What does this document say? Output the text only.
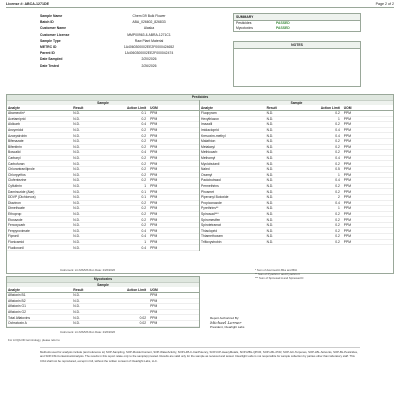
License #: ABCA-1271DE	Page 2 of 2
Sample Name	Chem D9 Bulk Flower
Batch ID	ABA_026602_826833
Customer Name	Alaska
Customer License	MMP00963 & ABRA-1271C1
Sample Type	Raw Plant Material
METRC ID	1A4060300002EE2F0000424652
Parent ID	1A4060300002EE2F000042474
Date Sampled	2/20/2026
Date Tested	2/26/2026
SUMMARY
Pesticides	PASSED
Mycotoxins	PASSED
NOTES
Pesticides
Sample
Analyte	Result	Action Limit	UOM
Abamectin*	N.D.	0.1	PPM
Acetamiprid	N.D.	0.2	PPM
Aldicarb	N.D.	0.4	PPM
Ancymidol	N.D.	0.2	PPM
Azoxystrobin	N.D.	0.2	PPM
Bifenazate	N.D.	0.2	PPM
Bifenthrin	N.D.	0.2	PPM
Boscalid	N.D.	0.4	PPM
Carbaryl	N.D.	0.2	PPM
Carbofuran	N.D.	0.2	PPM
Chlorantraniliprole	N.D.	0.2	PPM
Chlorpyrifos	N.D.	0.2	PPM
Clofentezine	N.D.	0.2	PPM
Cyfluthrin	N.D.	1	PPM
Daminozide (Alar)	N.D.	0.1	PPM
DDVP (Dichlorvos)	N.D.	0.1	PPM
Diazinon	N.D.	0.2	PPM
Dimethoate	N.D.	0.2	PPM
Ethoprop	N.D.	0.2	PPM
Etoxazole	N.D.	0.2	PPM
Fenoxycarb	N.D.	0.2	PPM
Fenpyroximate	N.D.	0.4	PPM
Fipronil	N.D.	0.4	PPM
Flonicamid	N.D.	1	PPM
Fludioxonil	N.D.	0.4	PPM
Sample
Analyte	Result	Action Limit	UOM
Fluopyram	N.D.	0.2	PPM
Hexythiazox	N.D.	1	PPM
Imazalil	N.D.	0.2	PPM
Imidacloprid	N.D.	0.4	PPM
Kresoxim-methyl	N.D.	0.4	PPM
Malathion	N.D.	0.2	PPM
Metalaxyl	N.D.	0.2	PPM
Methiocarb	N.D.	0.2	PPM
Methomyl	N.D.	0.4	PPM
Myclobutanil	N.D.	0.2	PPM
Naled	N.D.	0.5	PPM
Oxamyl	N.D.	1	PPM
Paclobutrazol	N.D.	0.4	PPM
Permethrins	N.D.	0.2	PPM
Phosmet	N.D.	0.2	PPM
Piperonyl Butoxide	N.D.	2	PPM
Propiconazole	N.D.	0.4	PPM
Pyrethrins**	N.D.	1	PPM
Spinosad***	N.D.	0.2	PPM
Spiromesifen	N.D.	0.2	PPM
Spirotetramat	N.D.	0.2	PPM
Thiacloprid	N.D.	0.2	PPM
Thiamethoxam	N.D.	0.2	PPM
Trifloxystrobin	N.D.	0.2	PPM
Instrument: LC-MS/MS Run Date: 2/26/2026	* Sum of Avermectin B1a and B1b
** Sum of Pyrethrin I and Pyrethrin II
*** Sum of Spinosad A and Spinosad D
Mycotoxins
Sample
Analyte	Result	Action Limit	UOM
Aflatoxin B1	N.D.		PPM
Aflatoxin B2	N.D.		PPM
Aflatoxin G1	N.D.		PPM
Aflatoxin G2	N.D.		PPM
Total Aflatoxins	N.D.	0.02	PPM
Ochratoxin A	N.D.	0.02	PPM
Instrument: LC-MS/MS Run Date: 2/26/2026
For LOQ/LOD terminology, please refer to
Report Authorized By:
Michael Lerner
President, Clearlight Labs
Methods used for analysis include (and reference to) SOP-Sampling, SOP-MoisturContent, SOP-WaterActivity, SOP-HPLC-CanPotency, SOP-ICP-HeavyMetals, SOP-MBL-QPCR, SOP-LBL-PCR, SOP-GC-Terpenes, SOP-LBL-Solvents, SOP-BL-Pesticides, and SOP-FM-ContaminantAnalysis. The results in this report relate only to the sample(s) tested. Results are valid only for the sample as received and tested. Clearlight Labs is not responsible for sample collection by parties other than laboratory staff. This COA shall not be reproduced, except in full, without the written consent of Clearlight Labs, LLC.
